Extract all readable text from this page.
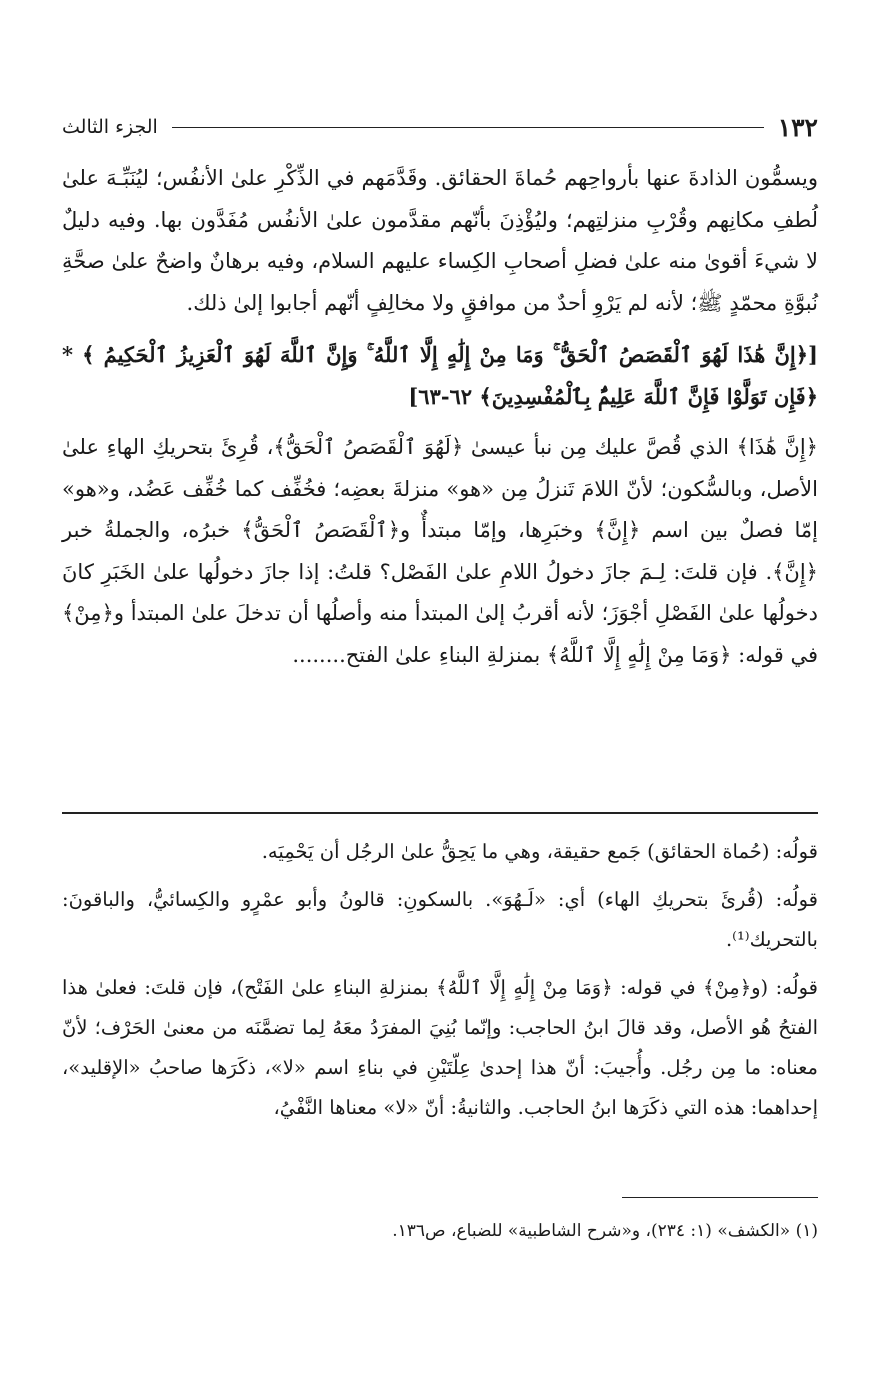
١٣٢
الجزء الثالث

ويسمُّون الذادةَ عنها بأرواحِهم حُماةَ الحقائق. وقَدَّمَهم في الذِّكْرِ علىٰ الأنفُس؛ ليُنَبِّـهَ علىٰ لُطفِ مكانِهم وقُرْبِ منزلتِهم؛ وليُؤْذِنَ بأنّهم مقدَّمون علىٰ الأنفُس مُفَدَّون بها. وفيه دليلٌ لا شيءَ أقوىٰ منه علىٰ فضلِ أصحابِ الكِساء عليهم السلام، وفيه برهانٌ واضحٌ علىٰ صحَّةِ نُبوَّةِ محمّدٍ ﷺ؛ لأنه لم يَرْوِ أحدٌ من موافقٍ ولا مخالِفٍ أنّهم أجابوا إلىٰ ذلك.

[﴿إِنَّ هَٰذَا لَهُوَ ٱلْقَصَصُ ٱلْحَقُّ ۚ وَمَا مِنْ إِلَٰهٍ إِلَّا ٱللَّهُ ۚ وَإِنَّ ٱللَّهَ لَهُوَ ٱلْعَزِيزُ ٱلْحَكِيمُ ﴾ * ﴿فَإِن تَوَلَّوْا فَإِنَّ ٱللَّهَ عَلِيمٌۢ بِٱلْمُفْسِدِينَ﴾ ٦٢-٦٣]

﴿إِنَّ هَٰذَا﴾ الذي قُصَّ عليك مِن نبأ عيسىٰ ﴿لَهُوَ ٱلْقَصَصُ ٱلْحَقُّ﴾، قُرِئَ بتحريكِ الهاءِ علىٰ الأصل، وبالسُّكون؛ لأنّ اللامَ تَنزلُ مِن «هو» منزلةَ بعضِه؛ فخُفِّف كما خُفِّف عَضُد، و«هو» إمّا فصلٌ بين اسم ﴿إِنَّ﴾ وخبَرِها، وإمّا مبتدأٌ و﴿ٱلْقَصَصُ ٱلْحَقُّ﴾ خبرُه، والجملةُ خبر ﴿إِنَّ﴾. فإن قلتَ: لِـمَ جازَ دخولُ اللامِ علىٰ الفَصْل؟ قلتُ: إذا جازَ دخولُها علىٰ الخَبَرِ كانَ دخولُها علىٰ الفَصْلِ أجْوَزَ؛ لأنه أقربُ إلىٰ المبتدأ منه وأصلُها أن تدخلَ علىٰ المبتدأ و﴿مِنْ﴾ في قوله: ﴿وَمَا مِنْ إِلَٰهٍ إِلَّا ٱللَّهُ﴾ بمنزلةِ البناءِ علىٰ الفتح........

قولُه: (حُماة الحقائق) جَمع حقيقة، وهي ما يَحِقُّ علىٰ الرجُل أن يَحْمِيَه.

قولُه: (قُرئَ بتحريكِ الهاء) أي: «لَـهُوَ». بالسكونِ: قالونُ وأبو عمْرٍو والكِسائيُّ، والباقونَ: بالتحريك⁽¹⁾.

قولُه: (و﴿مِنْ﴾ في قوله: ﴿وَمَا مِنْ إِلَٰهٍ إِلَّا ٱللَّهُ﴾ بمنزلةِ البناءِ علىٰ الفَتْح)، فإن قلتَ: فعلىٰ هذا الفتحُ هُو الأصل، وقد قالَ ابنُ الحاجب: وإنّما بُنِيَ المفرَدُ معَهُ لِما تضمَّنَه من معنىٰ الحَرْف؛ لأنّ معناه: ما مِن رجُل. وأُجيبَ: أنّ هذا إحدىٰ عِلّتَيْنِ في بناءِ اسم «لا»، ذكَرَها صاحبُ «الإقليد»، إحداهما: هذه التي ذكَرَها ابنُ الحاجب. والثانيةُ: أنّ «لا» معناها النَّفْيُ،

(١) «الكشف» (١: ٢٣٤)، و«شرح الشاطبية» للضباع، ص١٣٦.
